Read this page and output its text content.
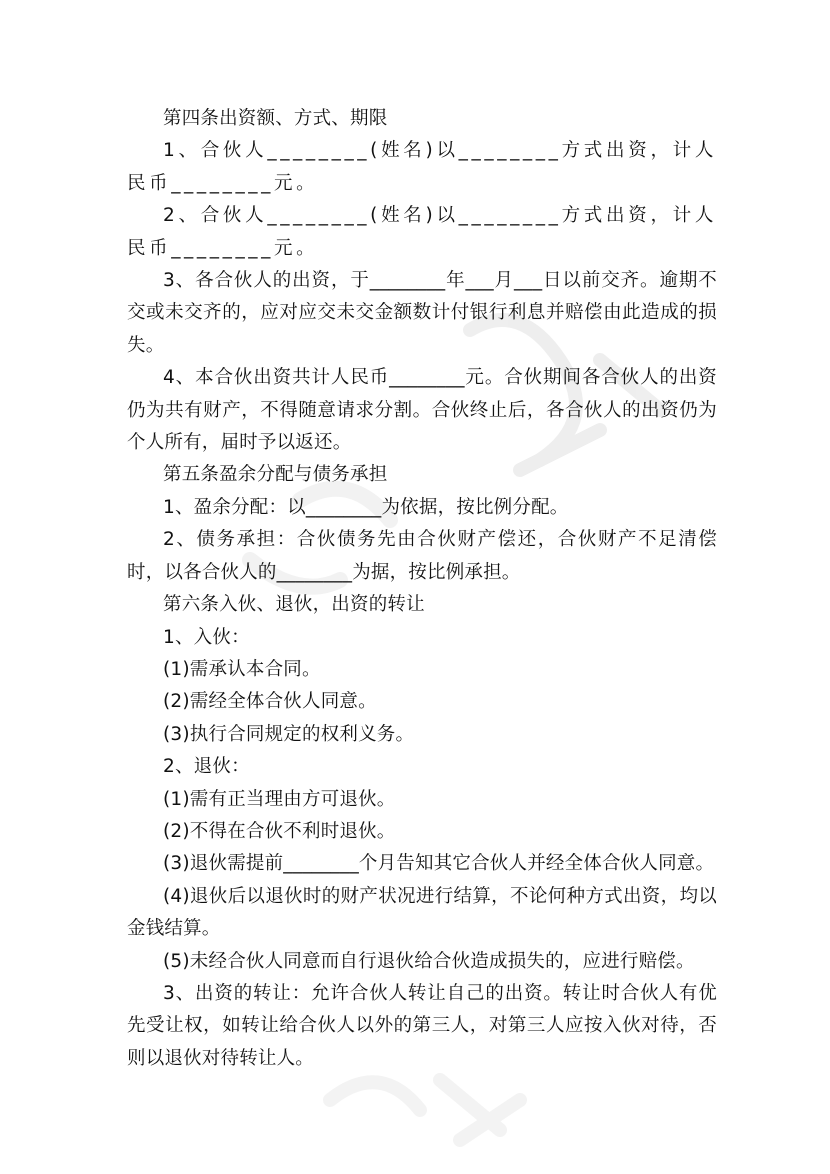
第四条出资额、方式、期限

1、合伙人________(姓名)以________方式出资，计人民币________元。

2、合伙人________(姓名)以________方式出资，计人民币________元。

3、各合伙人的出资，于________年___月___日以前交齐。逾期不交或未交齐的，应对应交未交金额数计付银行利息并赔偿由此造成的损失。

4、本合伙出资共计人民币________元。合伙期间各合伙人的出资仍为共有财产，不得随意请求分割。合伙终止后，各合伙人的出资仍为个人所有，届时予以返还。

第五条盈余分配与债务承担

1、盈余分配：以________为依据，按比例分配。

2、债务承担：合伙债务先由合伙财产偿还，合伙财产不足清偿时，以各合伙人的________为据，按比例承担。

第六条入伙、退伙，出资的转让

1、入伙：

(1)需承认本合同。

(2)需经全体合伙人同意。

(3)执行合同规定的权利义务。

2、退伙：

(1)需有正当理由方可退伙。

(2)不得在合伙不利时退伙。

(3)退伙需提前________个月告知其它合伙人并经全体合伙人同意。

(4)退伙后以退伙时的财产状况进行结算，不论何种方式出资，均以金钱结算。

(5)未经合伙人同意而自行退伙给合伙造成损失的，应进行赔偿。

3、出资的转让：允许合伙人转让自己的出资。转让时合伙人有优先受让权，如转让给合伙人以外的第三人，对第三人应按入伙对待，否则以退伙对待转让人。
